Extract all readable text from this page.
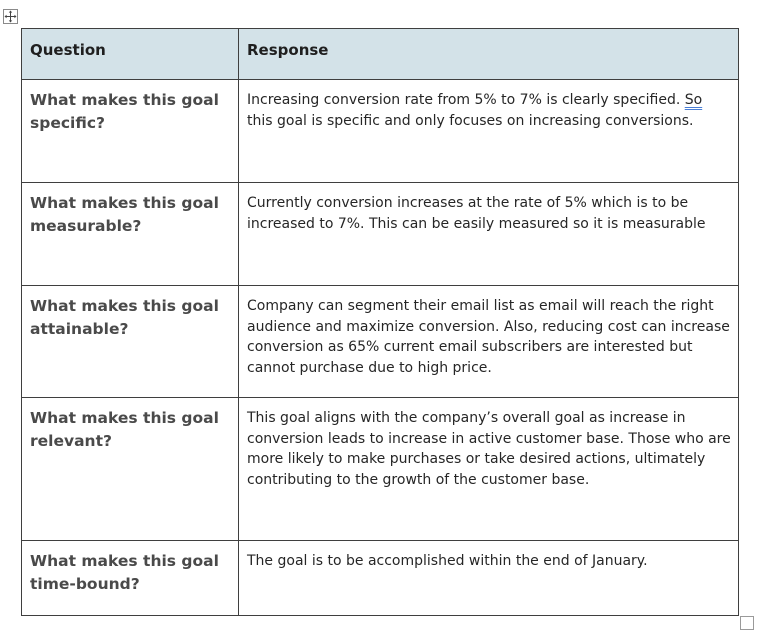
Question	Response

What makes this goal specific?	Increasing conversion rate from 5% to 7% is clearly specified. So this goal is specific and only focuses on increasing conversions.

What makes this goal measurable?	Currently conversion increases at the rate of 5% which is to be increased to 7%. This can be easily measured so it is measurable

What makes this goal attainable?	Company can segment their email list as email will reach the right audience and maximize conversion. Also, reducing cost can increase conversion as 65% current email subscribers are interested but cannot purchase due to high price.

What makes this goal relevant?	This goal aligns with the company’s overall goal as increase in conversion leads to increase in active customer base. Those who are more likely to make purchases or take desired actions, ultimately contributing to the growth of the customer base.

What makes this goal time-bound?	The goal is to be accomplished within the end of January.
